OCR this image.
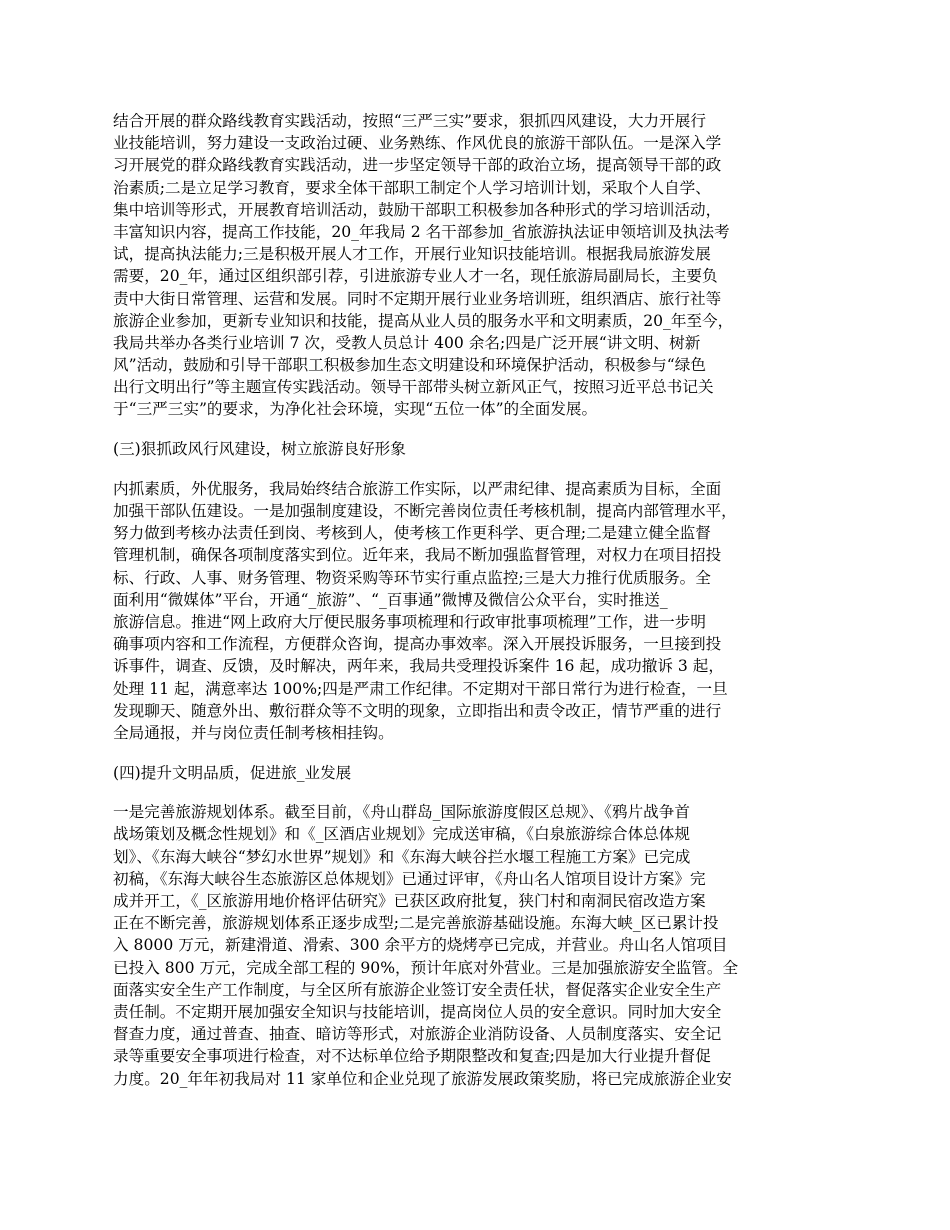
结合开展的群众路线教育实践活动，按照“三严三实”要求，狠抓四风建设，大力开展行
业技能培训，努力建设一支政治过硬、业务熟练、作风优良的旅游干部队伍。一是深入学
习开展党的群众路线教育实践活动，进一步坚定领导干部的政治立场，提高领导干部的政
治素质;二是立足学习教育，要求全体干部职工制定个人学习培训计划，采取个人自学、
集中培训等形式，开展教育培训活动，鼓励干部职工积极参加各种形式的学习培训活动，
丰富知识内容，提高工作技能，20_年我局 2 名干部参加_省旅游执法证申领培训及执法考
试，提高执法能力;三是积极开展人才工作，开展行业知识技能培训。根据我局旅游发展
需要，20_年，通过区组织部引荐，引进旅游专业人才一名，现任旅游局副局长，主要负
责中大街日常管理、运营和发展。同时不定期开展行业业务培训班，组织酒店、旅行社等
旅游企业参加，更新专业知识和技能，提高从业人员的服务水平和文明素质，20_年至今，
我局共举办各类行业培训 7 次，受教人员总计 400 余名;四是广泛开展“讲文明、树新
风”活动，鼓励和引导干部职工积极参加生态文明建设和环境保护活动，积极参与“绿色
出行文明出行”等主题宣传实践活动。领导干部带头树立新风正气，按照习近平总书记关
于“三严三实”的要求，为净化社会环境，实现“五位一体”的全面发展。
(三)狠抓政风行风建设，树立旅游良好形象
内抓素质，外优服务，我局始终结合旅游工作实际，以严肃纪律、提高素质为目标，全面
加强干部队伍建设。一是加强制度建设，不断完善岗位责任考核机制，提高内部管理水平，
努力做到考核办法责任到岗、考核到人，使考核工作更科学、更合理;二是建立健全监督
管理机制，确保各项制度落实到位。近年来，我局不断加强监督管理，对权力在项目招投
标、行政、人事、财务管理、物资采购等环节实行重点监控;三是大力推行优质服务。全
面利用“微媒体”平台，开通“_旅游”、“_百事通”微博及微信公众平台，实时推送_
旅游信息。推进“网上政府大厅便民服务事项梳理和行政审批事项梳理”工作，进一步明
确事项内容和工作流程，方便群众咨询，提高办事效率。深入开展投诉服务，一旦接到投
诉事件，调查、反馈，及时解决，两年来，我局共受理投诉案件 16 起，成功撤诉 3 起，
处理 11 起，满意率达 100%;四是严肃工作纪律。不定期对干部日常行为进行检查，一旦
发现聊天、随意外出、敷衍群众等不文明的现象，立即指出和责令改正，情节严重的进行
全局通报，并与岗位责任制考核相挂钩。
(四)提升文明品质，促进旅_业发展
一是完善旅游规划体系。截至目前，《舟山群岛_国际旅游度假区总规》、《鸦片战争首
战场策划及概念性规划》和《_区酒店业规划》完成送审稿，《白泉旅游综合体总体规
划》、《东海大峡谷“梦幻水世界”规划》和《东海大峡谷拦水堰工程施工方案》已完成
初稿，《东海大峡谷生态旅游区总体规划》已通过评审，《舟山名人馆项目设计方案》完
成并开工，《_区旅游用地价格评估研究》已获区政府批复，狭门村和南洞民宿改造方案
正在不断完善，旅游规划体系正逐步成型;二是完善旅游基础设施。东海大峡_区已累计投
入 8000 万元，新建滑道、滑索、300 余平方的烧烤亭已完成，并营业。舟山名人馆项目
已投入 800 万元，完成全部工程的 90%，预计年底对外营业。三是加强旅游安全监管。全
面落实安全生产工作制度，与全区所有旅游企业签订安全责任状，督促落实企业安全生产
责任制。不定期开展加强安全知识与技能培训，提高岗位人员的安全意识。同时加大安全
督查力度，通过普查、抽查、暗访等形式，对旅游企业消防设备、人员制度落实、安全记
录等重要安全事项进行检查，对不达标单位给予期限整改和复查;四是加大行业提升督促
力度。20_年年初我局对 11 家单位和企业兑现了旅游发展政策奖励，将已完成旅游企业安
